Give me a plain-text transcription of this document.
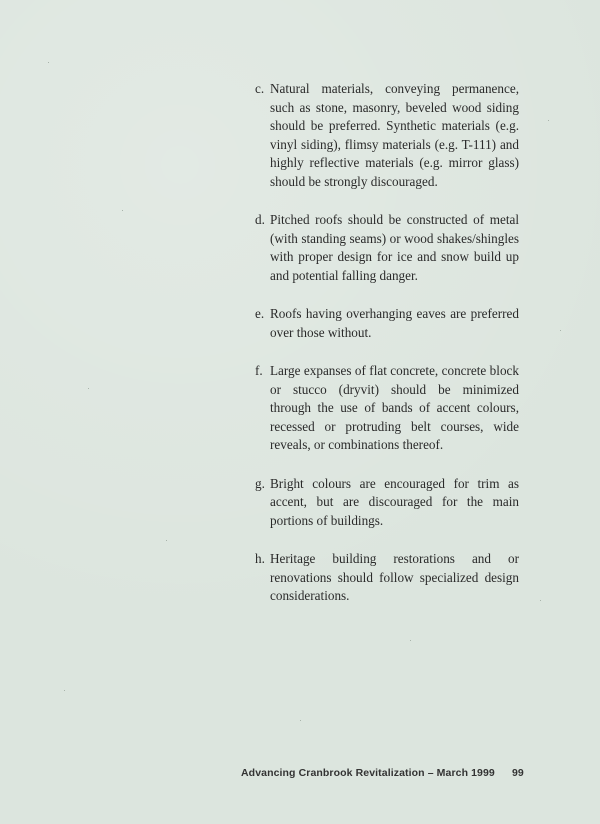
c. Natural materials, conveying permanence, such as stone, masonry, beveled wood siding should be preferred. Synthetic materials (e.g. vinyl siding), flimsy materials (e.g. T-111) and highly reflective materials (e.g. mirror glass) should be strongly discouraged.
d. Pitched roofs should be constructed of metal (with standing seams) or wood shakes/shingles with proper design for ice and snow build up and potential falling danger.
e. Roofs having overhanging eaves are preferred over those without.
f. Large expanses of flat concrete, concrete block or stucco (dryvit) should be minimized through the use of bands of accent colours, recessed or protruding belt courses, wide reveals, or combinations thereof.
g. Bright colours are encouraged for trim as accent, but are discouraged for the main portions of buildings.
h. Heritage building restorations and or renovations should follow specialized design considerations.
Advancing Cranbrook Revitalization – March 1999 99
